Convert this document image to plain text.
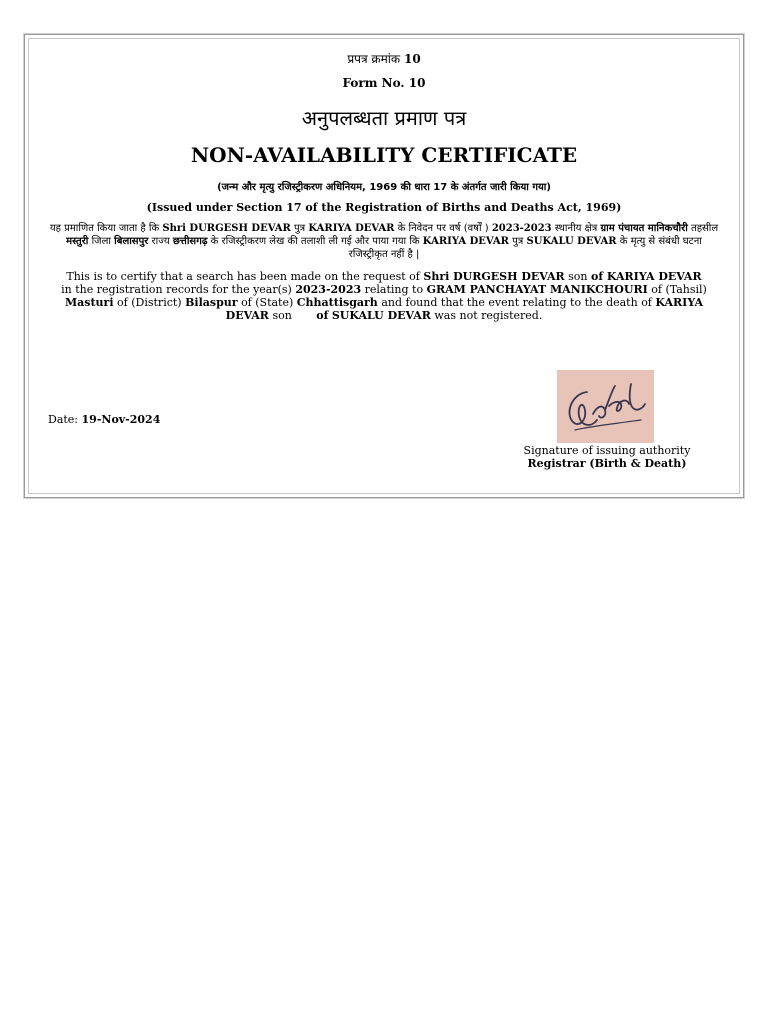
प्रपत्र क्रमांक 10
Form No. 10
अनुपलब्धता प्रमाण पत्र
NON-AVAILABILITY CERTIFICATE
(जन्म और मृत्यु रजिस्ट्रीकरण अधिनियम, 1969 की धारा 17 के अंतर्गत जारी किया गया)
(Issued under Section 17 of the Registration of Births and Deaths Act, 1969)
यह प्रमाणित किया जाता है कि Shri DURGESH DEVAR पुत्र KARIYA DEVAR के निवेदन पर वर्ष (वर्षों ) 2023-2023 स्थानीय क्षेत्र ग्राम पंचायत मानिकचौरी तहसील मस्तुरी जिला बिलासपुर राज्य छत्तीसगढ़ के रजिस्ट्रीकरण लेख की तलाशी ली गई और पाया गया कि KARIYA DEVAR पुत्र SUKALU DEVAR के मृत्यु से संबंधी घटना रजिस्ट्रीकृत नहीं है |
This is to certify that a search has been made on the request of Shri DURGESH DEVAR son of KARIYA DEVAR in the registration records for the year(s) 2023-2023 relating to GRAM PANCHAYAT MANIKCHOURI of (Tahsil) Masturi of (District) Bilaspur of (State) Chhattisgarh and found that the event relating to the death of KARIYA DEVAR son of SUKALU DEVAR was not registered.
Date: 19-Nov-2024
Signature of issuing authority
Registrar (Birth & Death)
